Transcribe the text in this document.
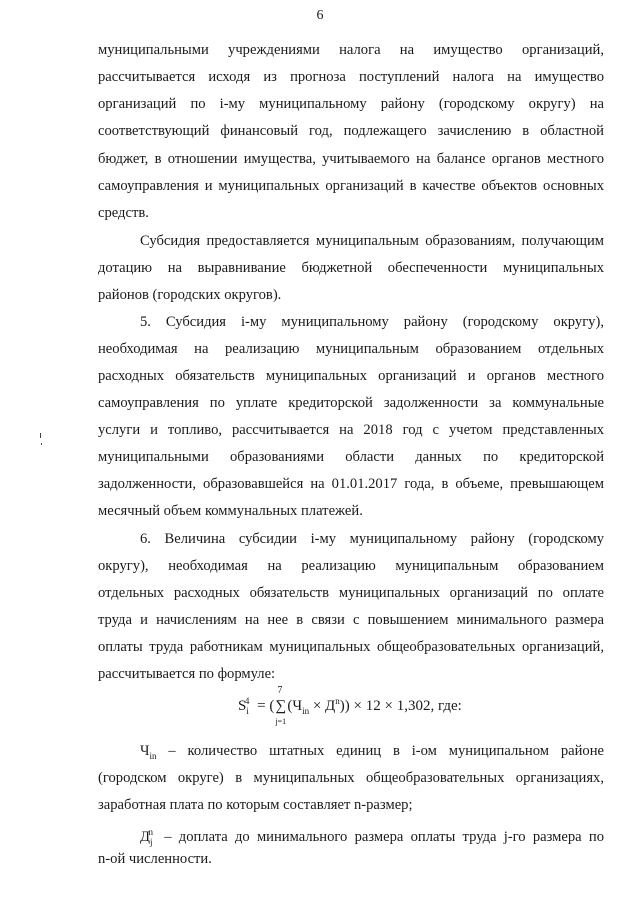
6
муниципальными учреждениями налога на имущество организаций,
рассчитывается исходя из прогноза поступлений налога на имущество
организаций по i-му муниципальному району (городскому округу) на
соответствующий финансовый год, подлежащего зачислению в областной
бюджет, в отношении имущества, учитываемого на балансе органов местного
самоуправления и муниципальных организаций в качестве объектов основных
средств.
Субсидия предоставляется муниципальным образованиям, получающим
дотацию на выравнивание бюджетной обеспеченности муниципальных
районов (городских округов).
5. Субсидия i-му муниципальному району (городскому округу),
необходимая на реализацию муниципальным образованием отдельных
расходных обязательств муниципальных организаций и органов местного
самоуправления по уплате кредиторской задолженности за коммунальные
услуги и топливо, рассчитывается на 2018 год с учетом представленных
муниципальными образованиями области данных по кредиторской
задолженности, образовавшейся на 01.01.2017 года, в объеме, превышающем
месячный объем коммунальных платежей.
6. Величина субсидии i-му муниципальному району (городскому
округу), необходимая на реализацию муниципальным образованием
отдельных расходных обязательств муниципальных организаций по оплате
труда и начислениям на нее в связи с повышением минимального размера
оплаты труда работникам муниципальных общеобразовательных организаций,
рассчитывается по формуле:
$S_i^4$ = (
7
∑
j=1
$(Ч_{in} \times Д^n)) \times 12 \times 1,302$, где:
$Ч_{in}$ – количество штатных единиц в i-ом муниципальном районе
(городском округе) в муниципальных общеобразовательных организациях,
заработная плата по которым составляет n-размер;
$Д_j^n$ – доплата до минимального размера оплаты труда j-го размера по
n-ой численности.
